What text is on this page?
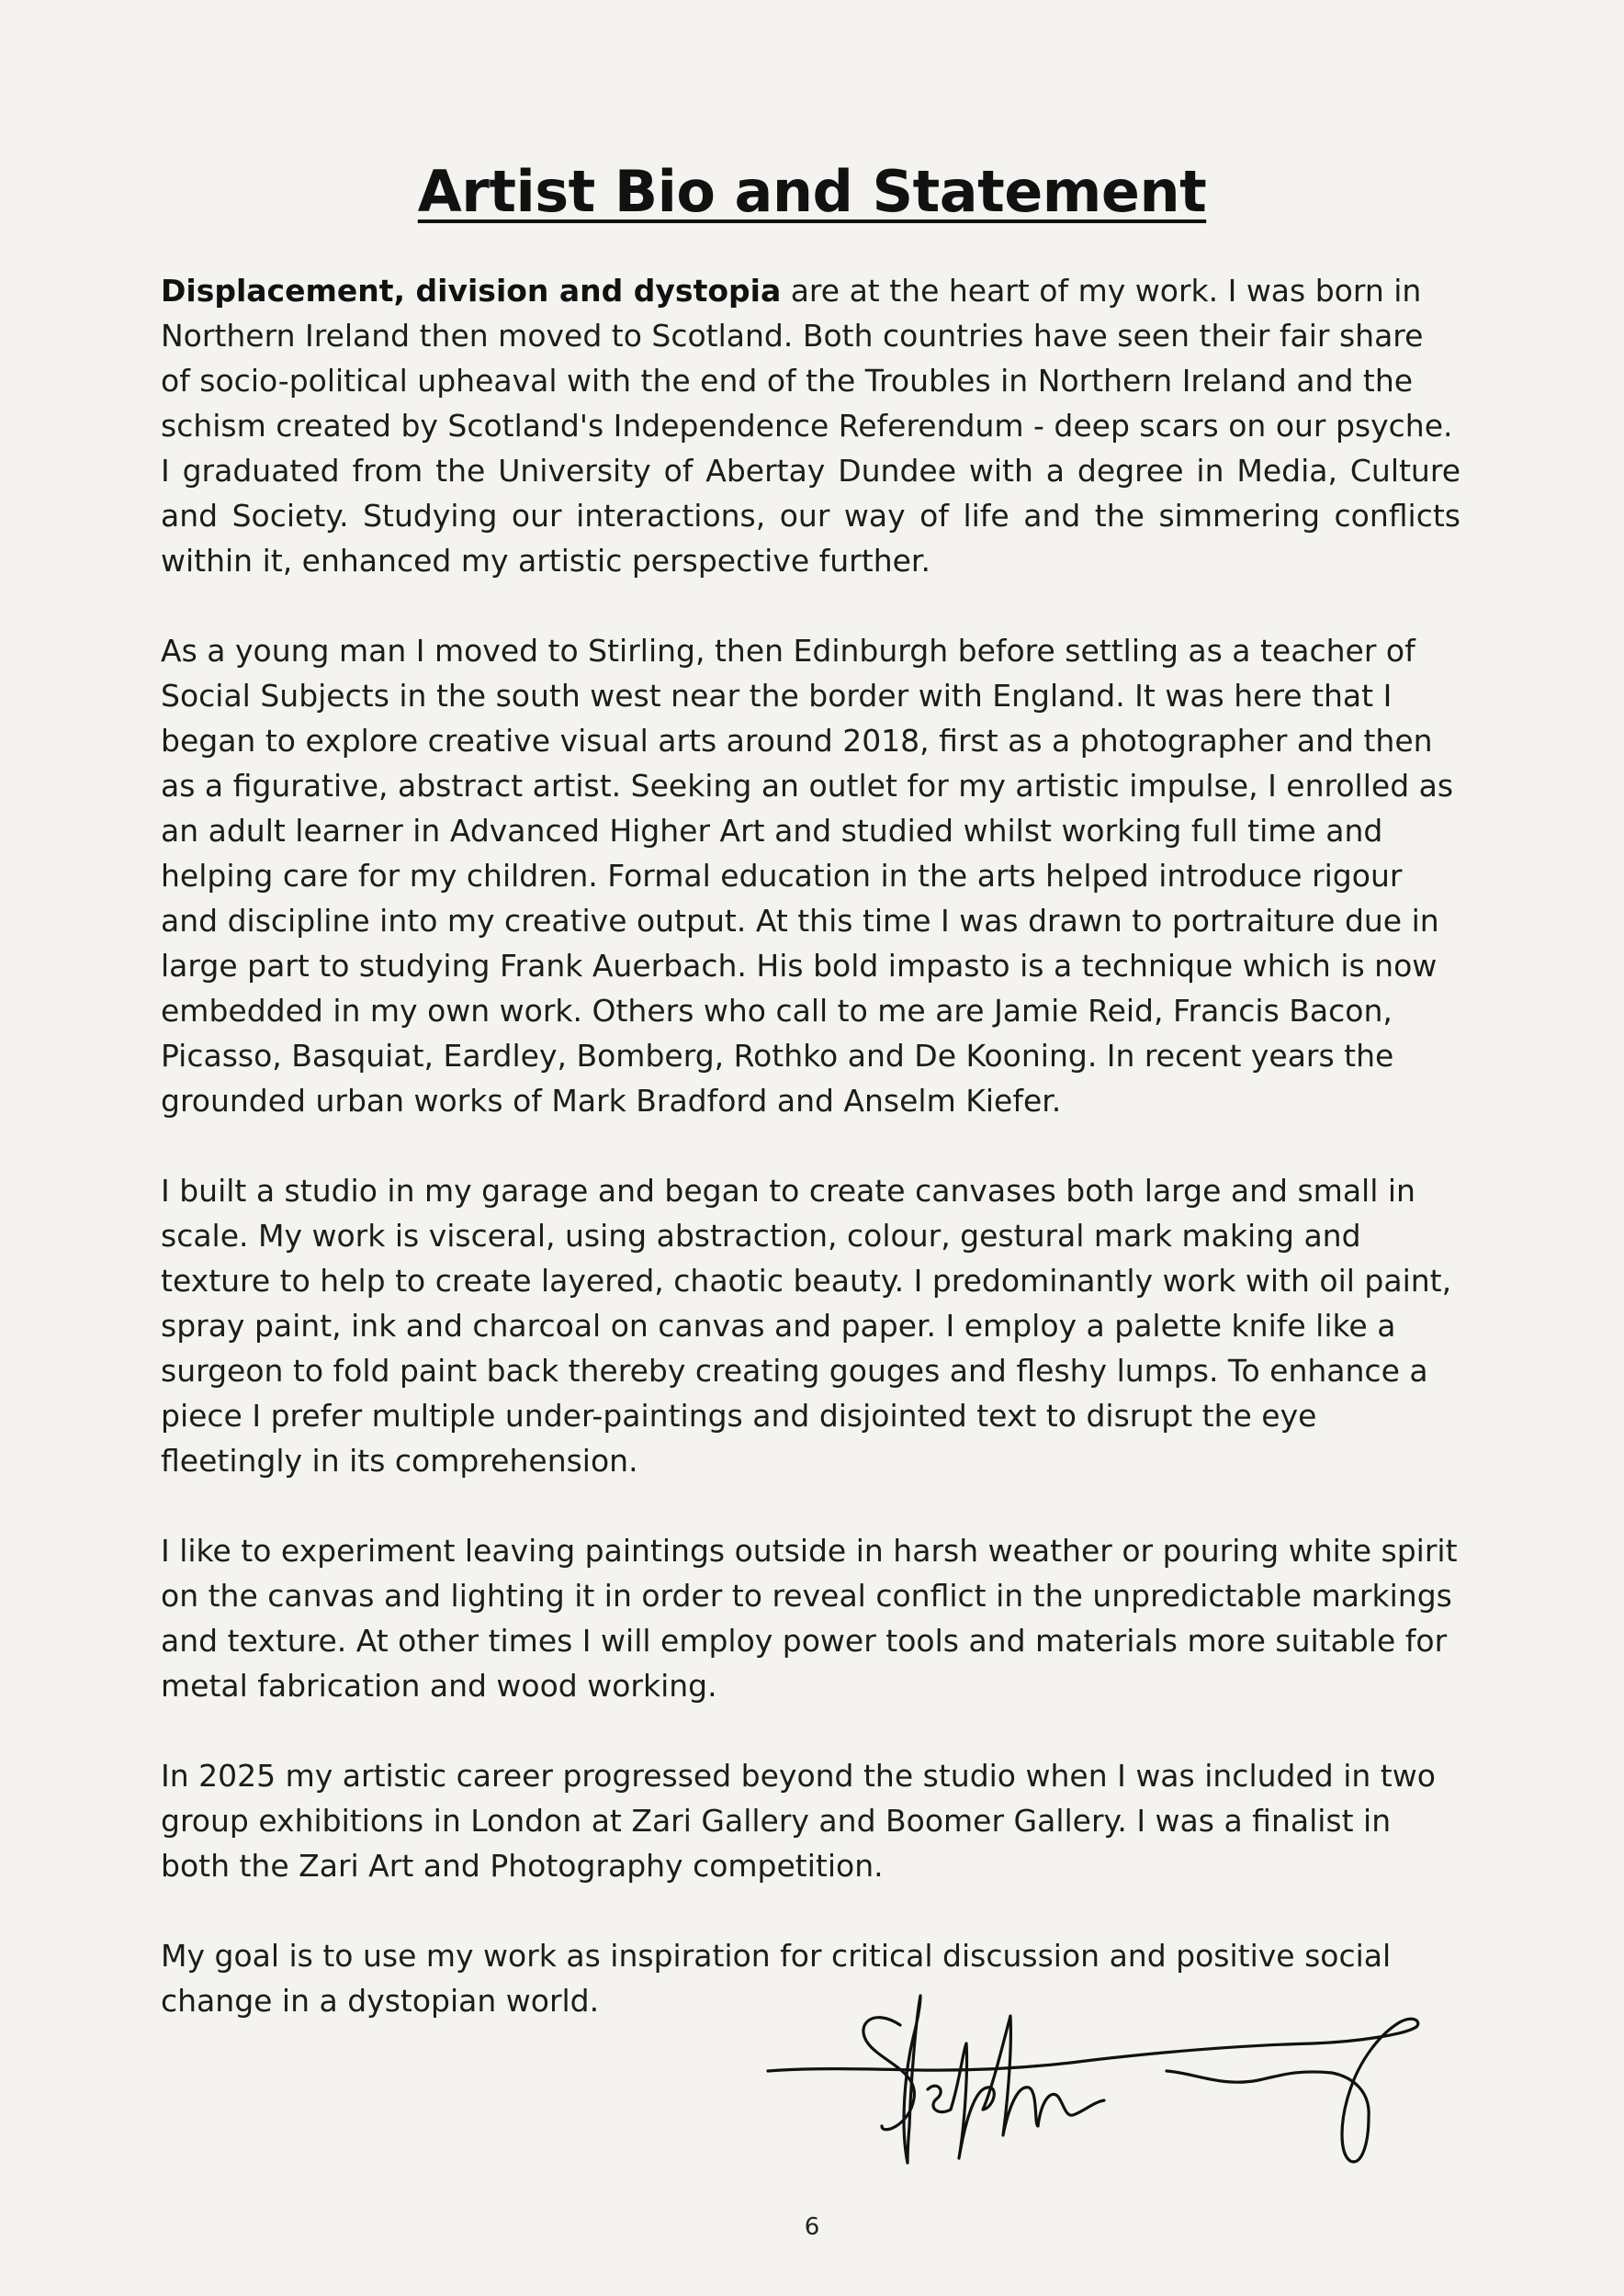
Artist Bio and Statement

Displacement, division and dystopia are at the heart of my work. I was born in Northern Ireland then moved to Scotland. Both countries have seen their fair share of socio-political upheaval with the end of the Troubles in Northern Ireland and the schism created by Scotland's Independence Referendum - deep scars on our psyche.

I graduated from the University of Abertay Dundee with a degree in Media, Culture and Society. Studying our interactions, our way of life and the simmering conflicts within it, enhanced my artistic perspective further.

As a young man I moved to Stirling, then Edinburgh before settling as a teacher of Social Subjects in the south west near the border with England. It was here that I began to explore creative visual arts around 2018, first as a photographer and then as a figurative, abstract artist. Seeking an outlet for my artistic impulse, I enrolled as an adult learner in Advanced Higher Art and studied whilst working full time and helping care for my children. Formal education in the arts helped introduce rigour and discipline into my creative output. At this time I was drawn to portraiture due in large part to studying Frank Auerbach. His bold impasto is a technique which is now embedded in my own work. Others who call to me are Jamie Reid, Francis Bacon, Picasso, Basquiat, Eardley, Bomberg, Rothko and De Kooning. In recent years the grounded urban works of Mark Bradford and Anselm Kiefer.

I built a studio in my garage and began to create canvases both large and small in scale. My work is visceral, using abstraction, colour, gestural mark making and texture to help to create layered, chaotic beauty. I predominantly work with oil paint, spray paint, ink and charcoal on canvas and paper. I employ a palette knife like a surgeon to fold paint back thereby creating gouges and fleshy lumps. To enhance a piece I prefer multiple under-paintings and disjointed text to disrupt the eye fleetingly in its comprehension.

I like to experiment leaving paintings outside in harsh weather or pouring white spirit on the canvas and lighting it in order to reveal conflict in the unpredictable markings and texture. At other times I will employ power tools and materials more suitable for metal fabrication and wood working.

In 2025 my artistic career progressed beyond the studio when I was included in two group exhibitions in London at Zari Gallery and Boomer Gallery. I was a finalist in both the Zari Art and Photography competition.

My goal is to use my work as inspiration for critical discussion and positive social change in a dystopian world.

6
